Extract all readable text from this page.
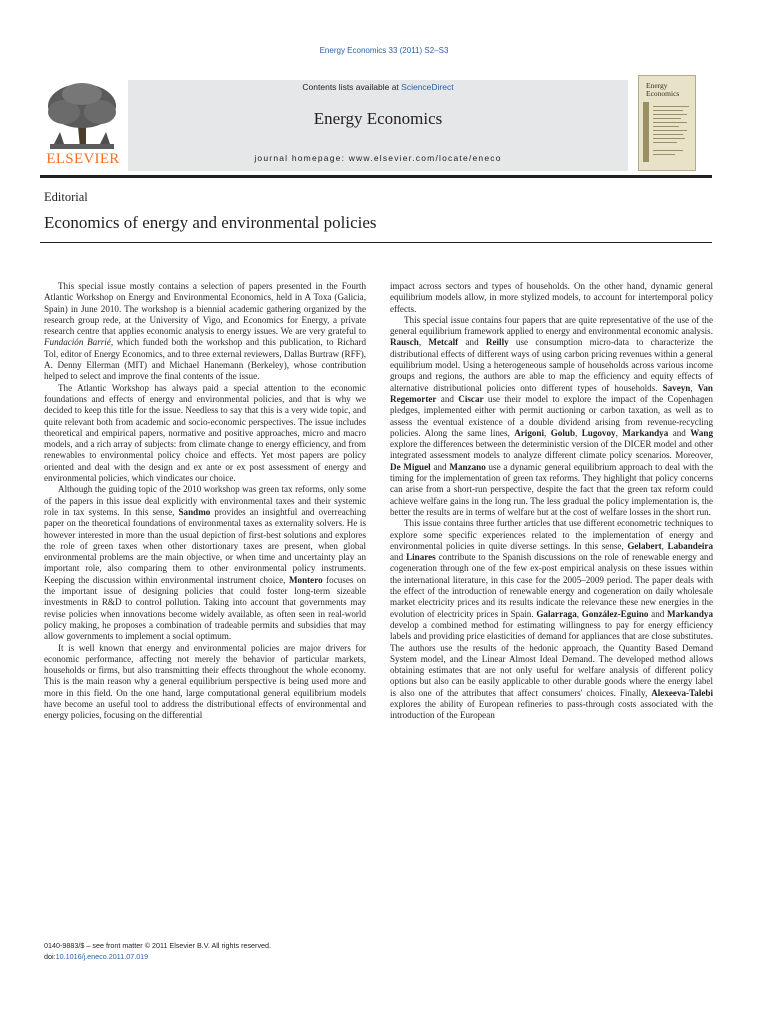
Energy Economics 33 (2011) S2–S3
Contents lists available at ScienceDirect
Energy Economics
journal homepage: www.elsevier.com/locate/eneco
ELSEVIER
Energy Economics
Editorial
Economics of energy and environmental policies

This special issue mostly contains a selection of papers presented in the Fourth Atlantic Workshop on Energy and Environmental Economics, held in A Toxa (Galicia, Spain) in June 2010. The workshop is a biennial academic gathering organized by the research group rede, at the University of Vigo, and Economics for Energy, a private research centre that applies economic analysis to energy issues. We are very grateful to Fundación Barrié, which funded both the workshop and this publication, to Richard Tol, editor of Energy Economics, and to three external reviewers, Dallas Burtraw (RFF), A. Denny Ellerman (MIT) and Michael Hanemann (Berkeley), whose contribution helped to select and improve the final contents of the issue.

The Atlantic Workshop has always paid a special attention to the economic foundations and effects of energy and environmental policies, and that is why we decided to keep this title for the issue. Needless to say that this is a very wide topic, and quite relevant both from academic and socio-economic perspectives. The issue includes theoretical and empirical papers, normative and positive approaches, micro and macro models, and a rich array of subjects: from climate change to energy efficiency, and from renewables to environmental policy choice and effects. Yet most papers are policy oriented and deal with the design and ex ante or ex post assessment of energy and environmental policies, which vindicates our choice.

Although the guiding topic of the 2010 workshop was green tax reforms, only some of the papers in this issue deal explicitly with environmental taxes and their systemic role in tax systems. In this sense, Sandmo provides an insightful and overreaching paper on the theoretical foundations of environmental taxes as externality solvers. He is however interested in more than the usual depiction of first-best solutions and explores the role of green taxes when other distortionary taxes are present, when global environmental problems are the main objective, or when time and uncertainty play an important role, also comparing them to other environmental policy instruments. Keeping the discussion within environmental instrument choice, Montero focuses on the important issue of designing policies that could foster long-term sizeable investments in R&D to control pollution. Taking into account that governments may revise policies when innovations become widely available, as often seen in real-world policy making, he proposes a combination of tradeable permits and subsidies that may allow governments to implement a social optimum.

It is well known that energy and environmental policies are major drivers for economic performance, affecting not merely the behavior of particular markets, households or firms, but also transmitting their effects throughout the whole economy. This is the main reason why a general equilibrium perspective is being used more and more in this field. On the one hand, large computational general equilibrium models have become an useful tool to address the distributional effects of environmental and energy policies, focusing on the differential

impact across sectors and types of households. On the other hand, dynamic general equilibrium models allow, in more stylized models, to account for intertemporal policy effects.

This special issue contains four papers that are quite representative of the use of the general equilibrium framework applied to energy and environmental economic analysis. Rausch, Metcalf and Reilly use consumption micro-data to characterize the distributional effects of different ways of using carbon pricing revenues within a general equilibrium model. Using a heterogeneous sample of households across various income groups and regions, the authors are able to map the efficiency and equity effects of alternative distributional policies onto different types of households. Saveyn, Van Regemorter and Ciscar use their model to explore the impact of the Copenhagen pledges, implemented either with permit auctioning or carbon taxation, as well as to assess the eventual existence of a double dividend arising from revenue-recycling policies. Along the same lines, Arigoni, Golub, Lugovoy, Markandya and Wang explore the differences between the deterministic version of the DICER model and other integrated assessment models to analyze different climate policy scenarios. Moreover, De Miguel and Manzano use a dynamic general equilibrium approach to deal with the timing for the implementation of green tax reforms. They highlight that policy concerns can arise from a short-run perspective, despite the fact that the green tax reform could achieve welfare gains in the long run. The less gradual the policy implementation is, the better the results are in terms of welfare but at the cost of welfare losses in the short run.

This issue contains three further articles that use different econometric techniques to explore some specific experiences related to the implementation of energy and environmental policies in quite diverse settings. In this sense, Gelabert, Labandeira and Linares contribute to the Spanish discussions on the role of renewable energy and cogeneration through one of the few ex-post empirical analysis on these issues within the international literature, in this case for the 2005–2009 period. The paper deals with the effect of the introduction of renewable energy and cogeneration on daily wholesale market electricity prices and its results indicate the relevance these new energies in the evolution of electricity prices in Spain. Galarraga, González-Eguino and Markandya develop a combined method for estimating willingness to pay for energy efficiency labels and providing price elasticities of demand for appliances that are close substitutes. The authors use the results of the hedonic approach, the Quantity Based Demand System model, and the Linear Almost Ideal Demand. The developed method allows obtaining estimates that are not only useful for welfare analysis of different policy options but also can be easily applicable to other durable goods where the energy label is also one of the attributes that affect consumers' choices. Finally, Alexeeva-Talebi explores the ability of European refineries to pass-through costs associated with the introduction of the European

0140-9883/$ – see front matter © 2011 Elsevier B.V. All rights reserved.
doi:10.1016/j.eneco.2011.07.019
